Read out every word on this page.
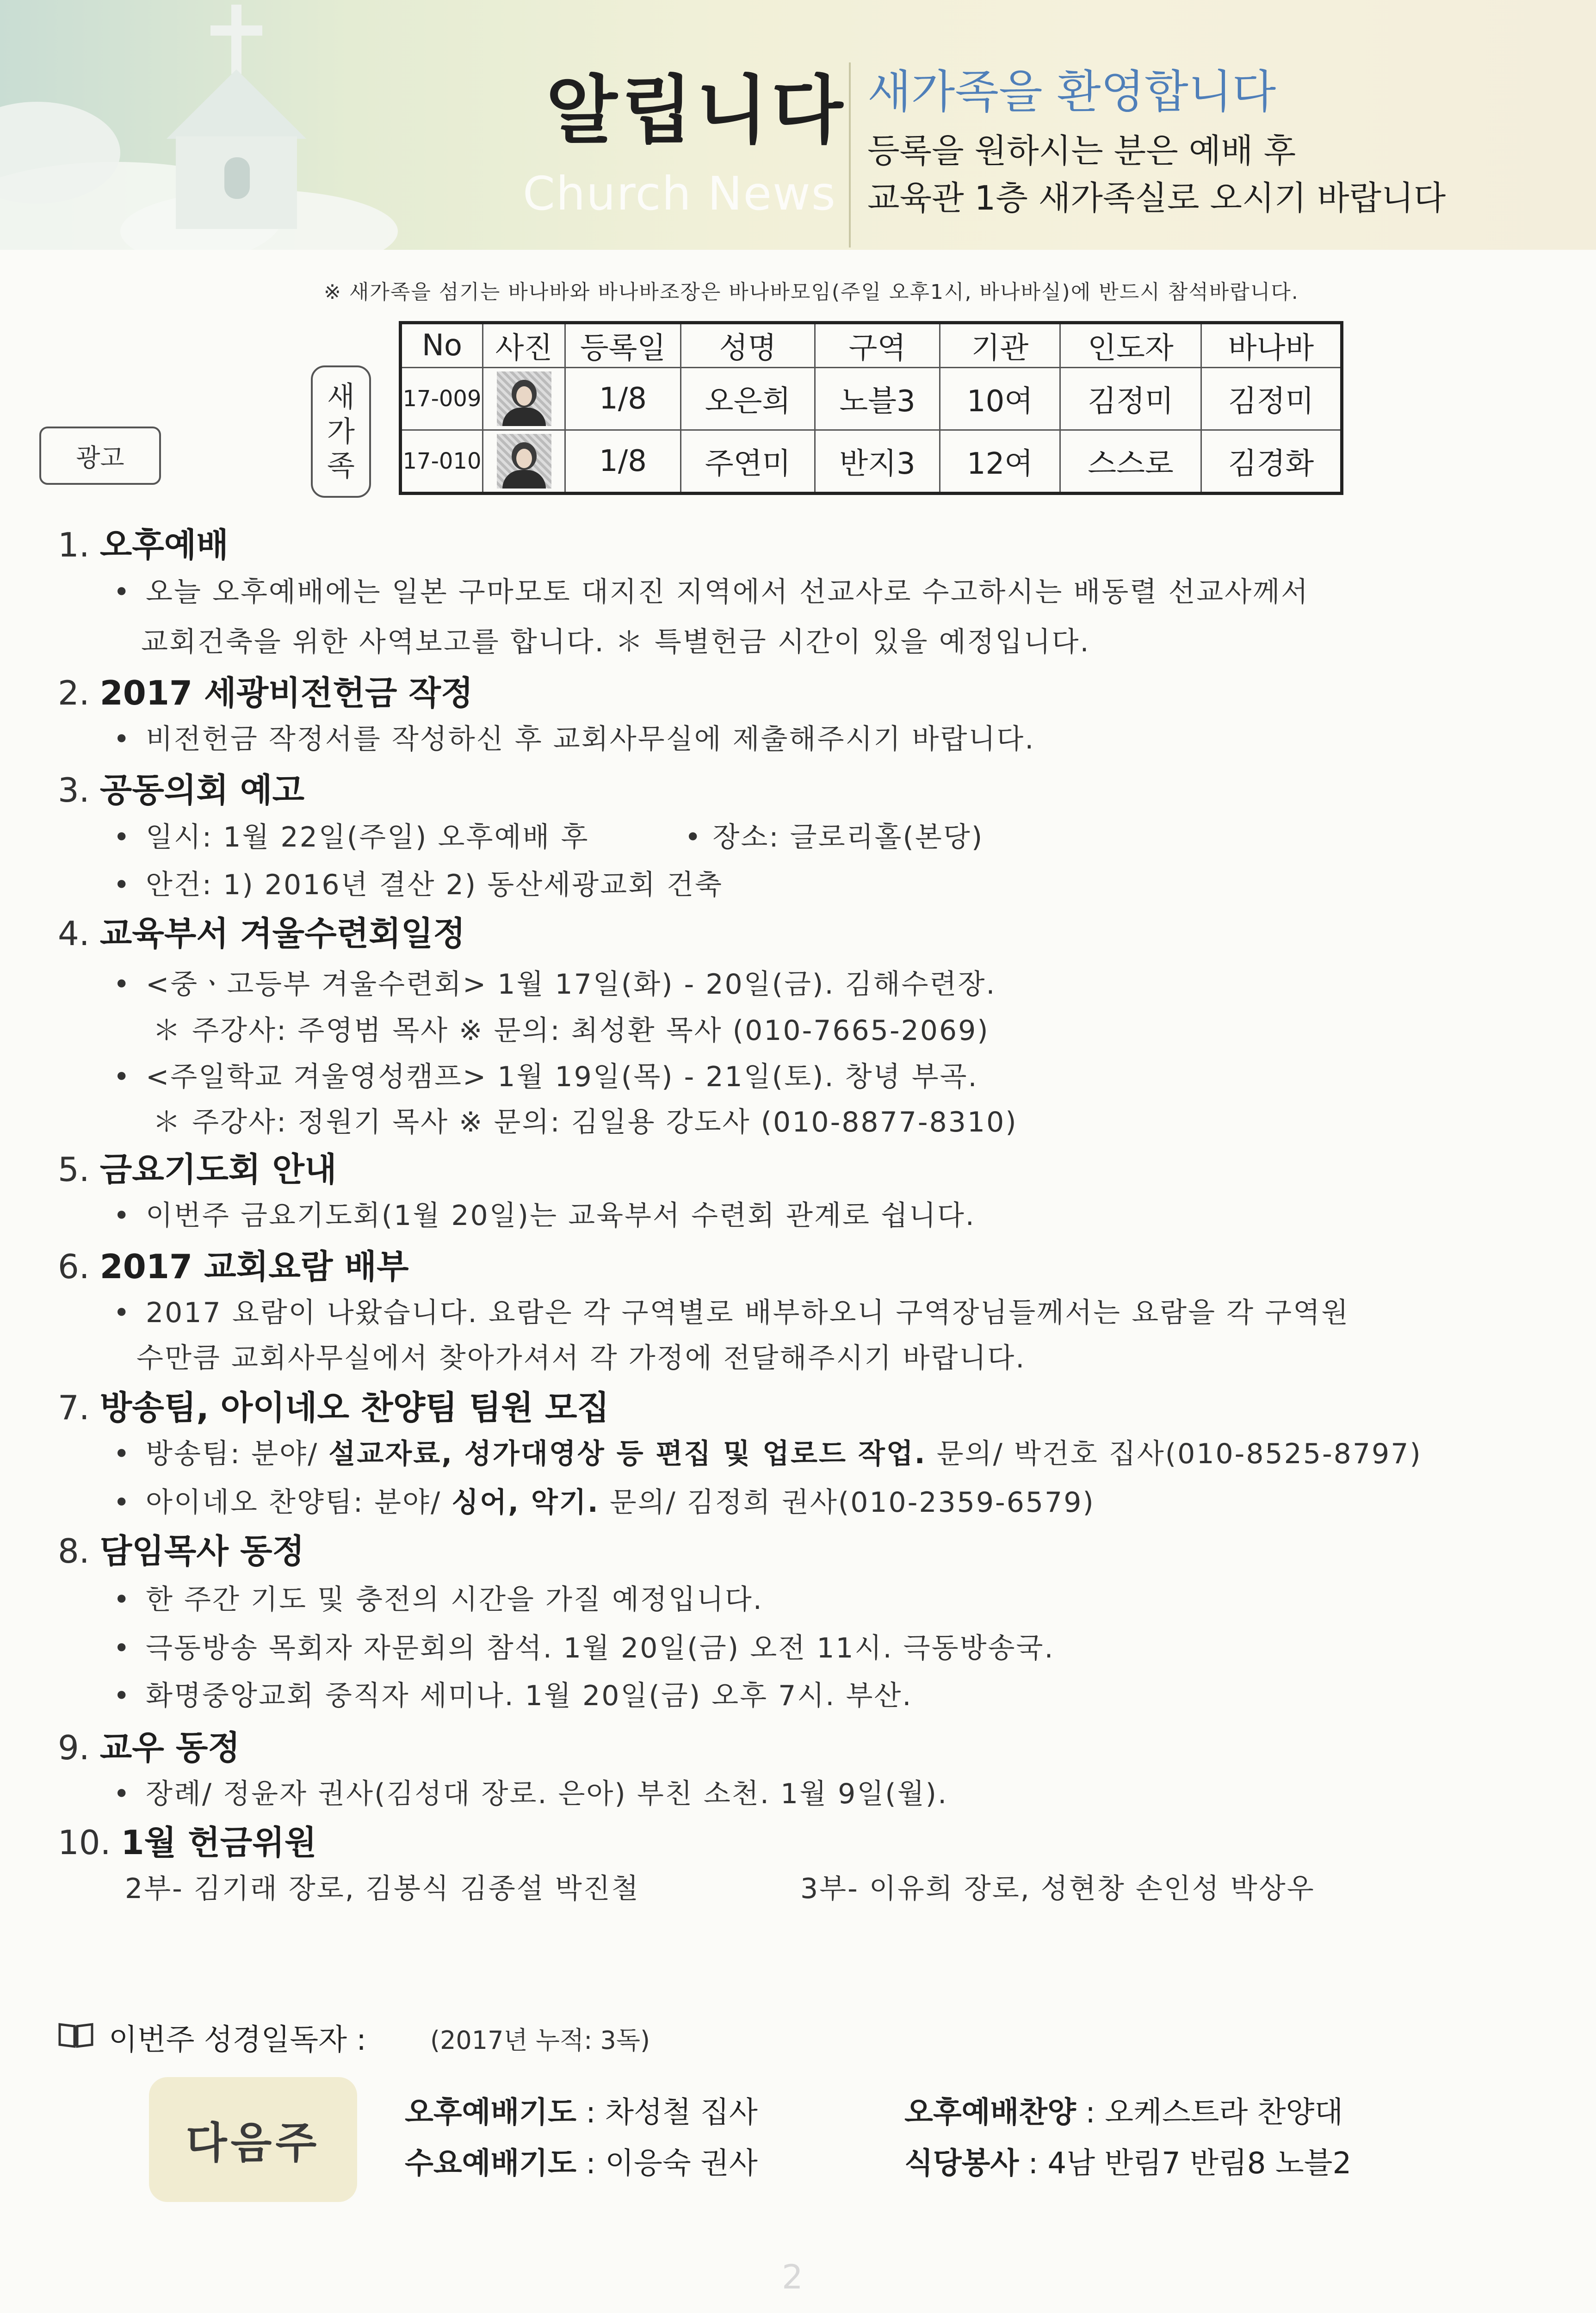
알립니다
Church News
새가족을 환영합니다
등록을 원하시는 분은 예배 후
교육관 1층 새가족실로 오시기 바랍니다
※ 새가족을 섬기는 바나바와 바나바조장은 바나바모임(주일 오후1시, 바나바실)에 반드시 참석바랍니다.
광고
새
가
족
No	사진	등록일	성명	구역	기관	인도자	바나바
17-009		1/8	오은희	노블3	10여	김정미	김정미
17-010		1/8	주연미	반지3	12여	스스로	김경화
1. 오후예배
• 오늘 오후예배에는 일본 구마모토 대지진 지역에서 선교사로 수고하시는 배동렬 선교사께서
교회건축을 위한 사역보고를 합니다. ＊ 특별헌금 시간이 있을 예정입니다.
2. 2017 세광비전헌금 작정
• 비전헌금 작정서를 작성하신 후 교회사무실에 제출해주시기 바랍니다.
3. 공동의회 예고
• 일시: 1월 22일(주일) 오후예배 후	• 장소: 글로리홀(본당)
• 안건: 1) 2016년 결산 2) 동산세광교회 건축
4. 교육부서 겨울수련회일정
• <중ㆍ고등부 겨울수련회> 1월 17일(화) - 20일(금). 김해수련장.
＊ 주강사: 주영범 목사 ※ 문의: 최성환 목사 (010-7665-2069)
• <주일학교 겨울영성캠프> 1월 19일(목) - 21일(토). 창녕 부곡.
＊ 주강사: 정원기 목사 ※ 문의: 김일용 강도사 (010-8877-8310)
5. 금요기도회 안내
• 이번주 금요기도회(1월 20일)는 교육부서 수련회 관계로 쉽니다.
6. 2017 교회요람 배부
• 2017 요람이 나왔습니다. 요람은 각 구역별로 배부하오니 구역장님들께서는 요람을 각 구역원
수만큼 교회사무실에서 찾아가셔서 각 가정에 전달해주시기 바랍니다.
7. 방송팀, 아이네오 찬양팀 팀원 모집
• 방송팀: 분야/ 설교자료, 성가대영상 등 편집 및 업로드 작업. 문의/ 박건호 집사(010-8525-8797)
• 아이네오 찬양팀: 분야/ 싱어, 악기. 문의/ 김정희 권사(010-2359-6579)
8. 담임목사 동정
• 한 주간 기도 및 충전의 시간을 가질 예정입니다.
• 극동방송 목회자 자문회의 참석. 1월 20일(금) 오전 11시. 극동방송국.
• 화명중앙교회 중직자 세미나. 1월 20일(금) 오후 7시. 부산.
9. 교우 동정
• 장례/ 정윤자 권사(김성대 장로. 은아) 부친 소천. 1월 9일(월).
10. 1월 헌금위원
2부- 김기래 장로, 김봉식 김종설 박진철	3부- 이유희 장로, 성현창 손인성 박상우
이번주 성경일독자 :	(2017년 누적: 3독)
다음주
오후예배기도 : 차성철 집사	오후예배찬양 : 오케스트라 찬양대
수요예배기도 : 이응숙 권사	식당봉사 : 4남 반림7 반림8 노블2
2
